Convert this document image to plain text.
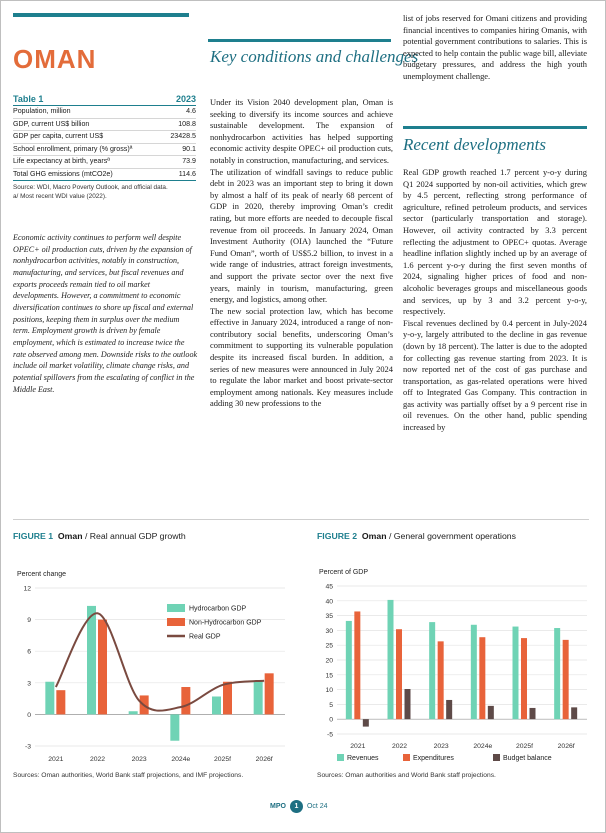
OMAN
Table 1	2023
Population, million	4.6
GDP, current US$ billion	108.8
GDP per capita, current US$	23428.5
School enrollment, primary (% gross)ª	90.1
Life expectancy at birth, yearsª	73.9
Total GHG emissions (mtCO2e)	114.6
Source: WDI, Macro Poverty Outlook, and official data.
a/ Most recent WDI value (2022).
Economic activity continues to perform well despite OPEC+ oil production cuts, driven by the expansion of nonhydrocarbon activities, notably in construction, manufacturing, and services, but fiscal revenues and exports proceeds remain tied to oil market developments. However, a commitment to economic diversification continues to shore up fiscal and external positions, keeping them in surplus over the medium term. Employment growth is driven by female employment, which is estimated to increase twice the rate observed among men. Downside risks to the outlook include oil market volatility, climate change risks, and potential spillovers from the escalating of conflict in the Middle East.
Key conditions and challenges

Under its Vision 2040 development plan, Oman is seeking to diversify its income sources and achieve sustainable development. The expansion of nonhydrocarbon activities has helped supporting economic activity despite OPEC+ oil production cuts, notably in construction, manufacturing, and services.

The utilization of windfall savings to reduce public debt in 2023 was an important step to bring it down by almost a half of its peak of nearly 68 percent of GDP in 2020, thereby improving Oman’s credit rating, but more efforts are needed to decouple fiscal revenue from oil proceeds. In January 2024, Oman Investment Authority (OIA) launched the “Future Fund Oman”, worth of US$5.2 billion, to invest in a wide range of industries, attract foreign investments, and support the private sector over the next five years, mainly in tourism, manufacturing, green energy, and logistics, among other.

The new social protection law, which has become effective in January 2024, introduced a range of non-contributory social benefits, underscoring Oman’s commitment to supporting its vulnerable population despite its increased fiscal burden. In addition, a series of new measures were announced in July 2024 to regulate the labor market and boost private-sector employment among nationals. Key measures include adding 30 new professions to the

list of jobs reserved for Omani citizens and providing financial incentives to companies hiring Omanis, with potential government contributions to salaries. This is expected to help contain the public wage bill, alleviate budgetary pressures, and address the high youth unemployment challenge.

Recent developments

Real GDP growth reached 1.7 percent y-o-y during Q1 2024 supported by non-oil activities, which grew by 4.5 percent, reflecting strong performance of agriculture, refined petroleum products, and services sector (particularly transportation and storage). However, oil activity contracted by 3.3 percent reflecting the adjustment to OPEC+ quotas. Average headline inflation slightly inched up by an average of 1.6 percent y-o-y during the first seven months of 2024, signaling higher prices of food and non-alcoholic beverages groups and miscellaneous goods and services, up by 3 and 3.2 percent y-o-y, respectively.

Fiscal revenues declined by 0.4 percent in July-2024 y-o-y, largely attributed to the decline in gas revenue (down by 18 percent). The latter is due to the adopted for collecting gas revenue starting from 2023. It is now reported net of the cost of gas purchase and transportation, as gas-related operations were hived off to Integrated Gas Company. This contraction in gas activity was partially offset by a 9 percent rise in oil revenues. On the other hand, public spending increased by

FIGURE 1 Oman / Real annual GDP growth	FIGURE 2 Oman / General government operations
Percent change
-3
0
3
6
9
12
2021	2022	2023	2024e	2025f	2026f
Hydrocarbon GDP
Non-Hydrocarbon GDP
Real GDP
Percent of GDP
-5
0
5
10
15
20
25
30
35
40
45
2021	2022	2023	2024e	2025f	2026f
Revenues	Expenditures	Budget balance
Sources: Oman authorities, World Bank staff projections, and IMF projections.	Sources: Oman authorities and World Bank staff projections.
MPO	1	Oct 24
